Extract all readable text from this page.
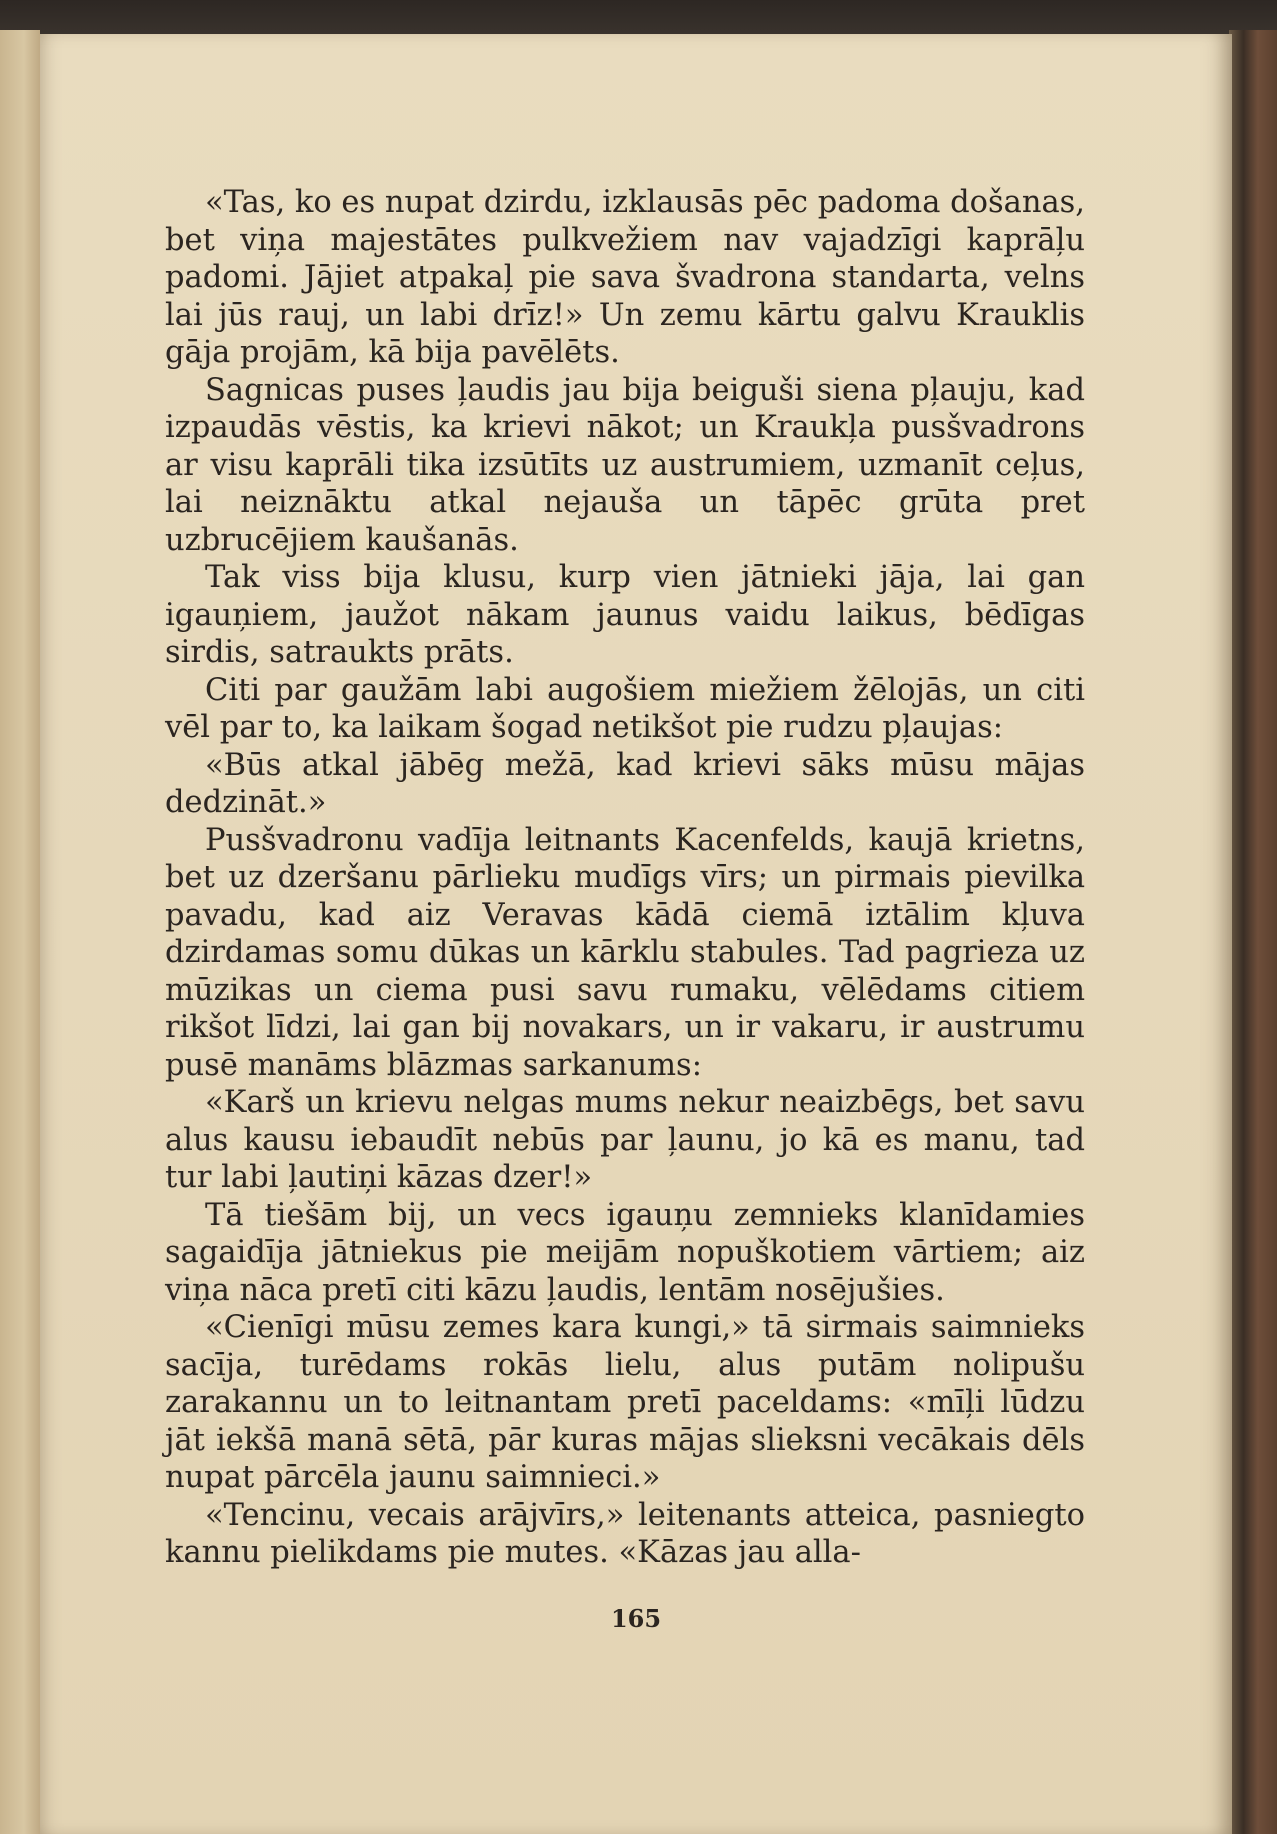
«Tas, ko es nupat dzirdu, izklausās pēc padoma došanas, bet viņa majestātes pulkvežiem nav vajadzīgi kaprāļu padomi. Jājiet atpakaļ pie sava švadrona standarta, velns lai jūs rauj, un labi drīz!» Un zemu kārtu galvu Krauklis gāja projām, kā bija pavēlēts.

Sagnicas puses ļaudis jau bija beiguši siena pļauju, kad izpaudās vēstis, ka krievi nākot; un Kraukļa pusšvadrons ar visu kaprāli tika izsūtīts uz austrumiem, uzmanīt ceļus, lai neiznāktu atkal nejauša un tāpēc grūta pret uzbrucējiem kaušanās.

Tak viss bija klusu, kurp vien jātnieki jāja, lai gan igauņiem, jaužot nākam jaunus vaidu laikus, bēdīgas sirdis, satraukts prāts.

Citi par gaužām labi augošiem miežiem žēlojās, un citi vēl par to, ka laikam šogad netikšot pie rudzu pļaujas:

«Būs atkal jābēg mežā, kad krievi sāks mūsu mājas dedzināt.»

Pusšvadronu vadīja leitnants Kacenfelds, kaujā krietns, bet uz dzeršanu pārlieku mudīgs vīrs; un pirmais pievilka pavadu, kad aiz Veravas kādā ciemā iztālim kļuva dzirdamas somu dūkas un kārklu stabules. Tad pagrieza uz mūzikas un ciema pusi savu rumaku, vēlēdams citiem rikšot līdzi, lai gan bij novakars, un ir vakaru, ir austrumu pusē manāms blāzmas sarkanums:

«Karš un krievu nelgas mums nekur neaizbēgs, bet savu alus kausu iebaudīt nebūs par ļaunu, jo kā es manu, tad tur labi ļautiņi kāzas dzer!»

Tā tiešām bij, un vecs igauņu zemnieks klanīdamies sagaidīja jātniekus pie meijām nopuškotiem vārtiem; aiz viņa nāca pretī citi kāzu ļaudis, lentām nosējušies.

«Cienīgi mūsu zemes kara kungi,» tā sirmais saimnieks sacīja, turēdams rokās lielu, alus putām nolipušu zarakannu un to leitnantam pretī paceldams: «mīļi lūdzu jāt iekšā manā sētā, pār kuras mājas slieksni vecākais dēls nupat pārcēla jaunu saimnieci.»

«Tencinu, vecais arājvīrs,» leitenants atteica, pasniegto kannu pielikdams pie mutes. «Kāzas jau alla-

165
